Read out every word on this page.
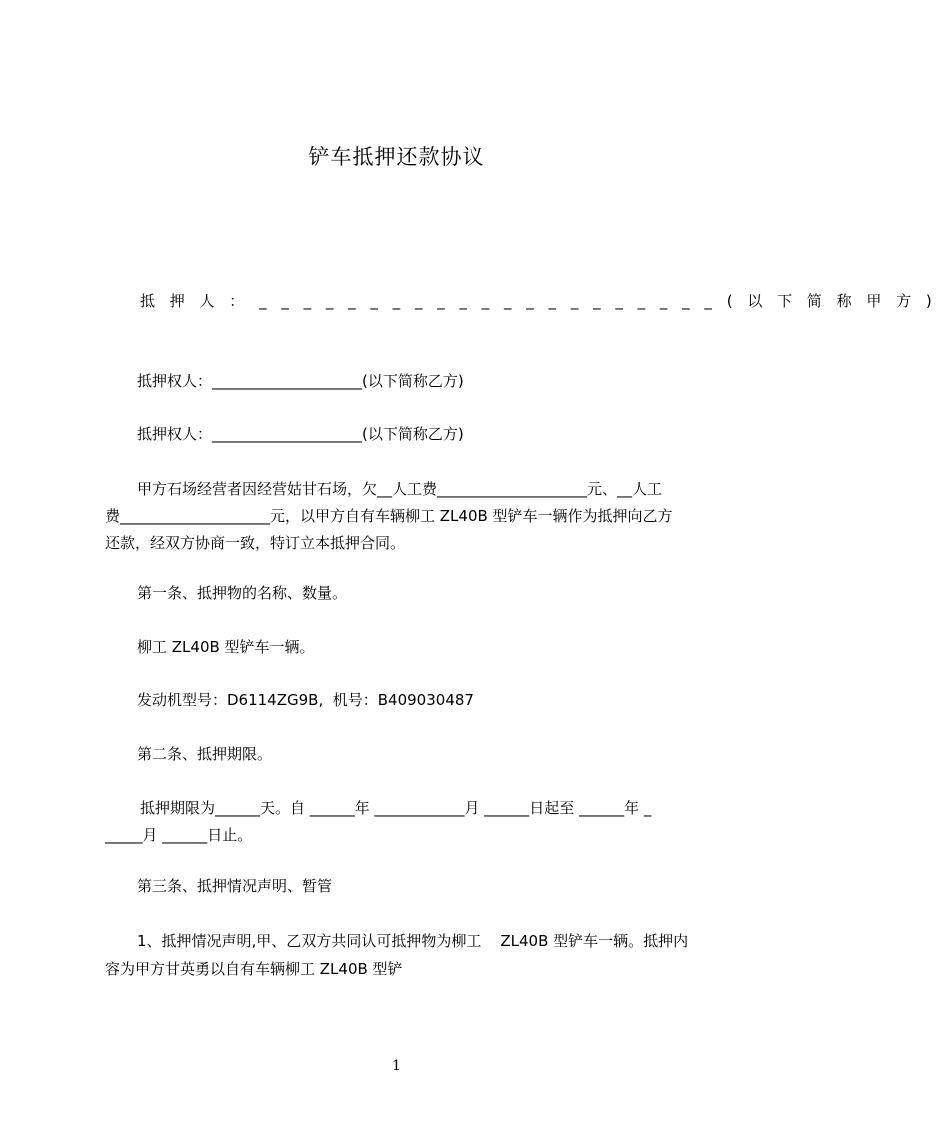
铲车抵押还款协议
抵 押 人 ： _ _ _ _ _ _ _ _ _ _ _ _ _ _ _ _ _ _ _ _ _ ( 以 下 简 称 甲 方 )
抵押权人：____________________(以下简称乙方)
抵押权人：____________________(以下简称乙方)
甲方石场经营者因经营姑甘石场，欠__人工费____________________元、__人工
费____________________元，以甲方自有车辆柳工 ZL40B 型铲车一辆作为抵押向乙方
还款，经双方协商一致，特订立本抵押合同。
第一条、抵押物的名称、数量。
柳工 ZL40B 型铲车一辆。
发动机型号：D6114ZG9B,  机号：B409030487
第二条、抵押期限。
抵押期限为______天。自 ______年 ____________月 ______日起至 ______年 _
_____月 ______日止。
第三条、抵押情况声明、暂管
1、抵押情况声明,甲、乙双方共同认可抵押物为柳工    ZL40B 型铲车一辆。抵押内
容为甲方甘英勇以自有车辆柳工 ZL40B 型铲
1
